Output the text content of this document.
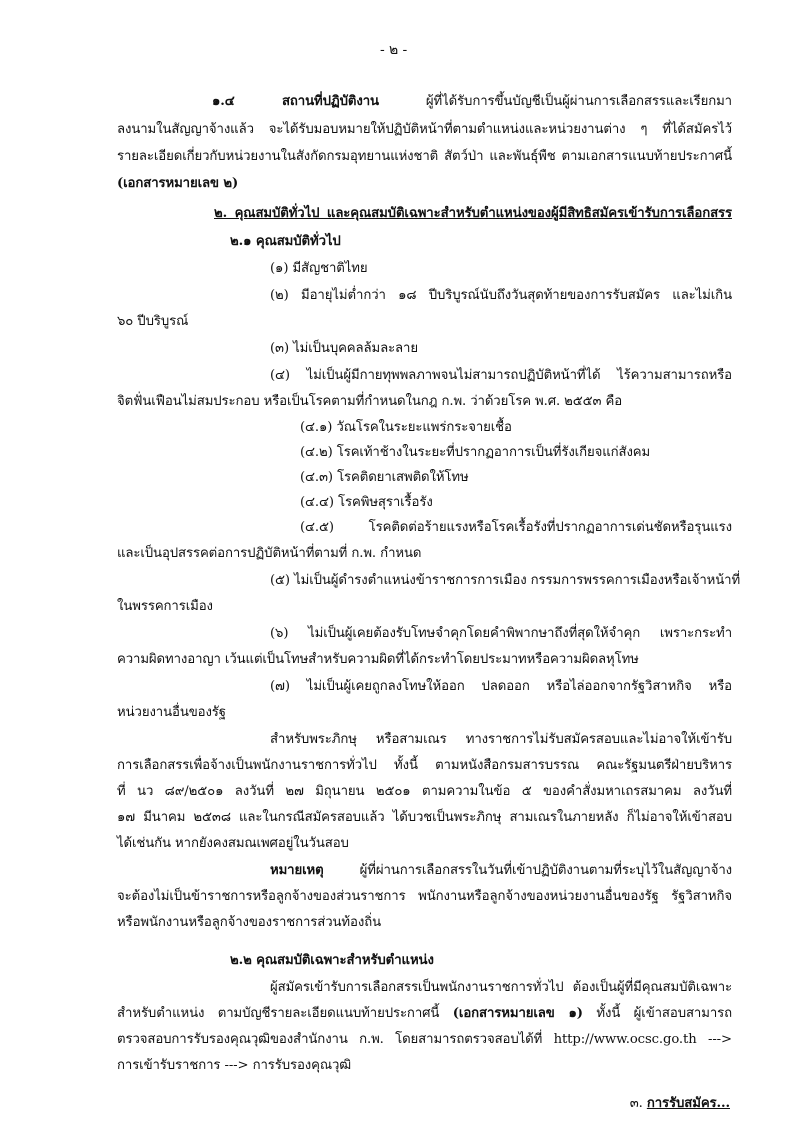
- ๒ -
๑.๔ สถานที่ปฏิบัติงาน	ผู้ที่ได้รับการขึ้นบัญชีเป็นผู้ผ่านการเลือกสรรและเรียกมา
ลงนามในสัญญาจ้างแล้ว จะได้รับมอบหมายให้ปฏิบัติหน้าที่ตามตำแหน่งและหน่วยงานต่าง ๆ ที่ได้สมัครไว้
รายละเอียดเกี่ยวกับหน่วยงานในสังกัดกรมอุทยานแห่งชาติ สัตว์ป่า และพันธุ์พืช ตามเอกสารแนบท้ายประกาศนี้
(เอกสารหมายเลข ๒)
๒. คุณสมบัติทั่วไป และคุณสมบัติเฉพาะสำหรับตำแหน่งของผู้มีสิทธิสมัครเข้ารับการเลือกสรร
๒.๑ คุณสมบัติทั่วไป
(๑) มีสัญชาติไทย
(๒) มีอายุไม่ต่ำกว่า ๑๘ ปีบริบูรณ์นับถึงวันสุดท้ายของการรับสมัคร และไม่เกิน
๖๐ ปีบริบูรณ์
(๓) ไม่เป็นบุคคลล้มละลาย
(๔) ไม่เป็นผู้มีกายทุพพลภาพจนไม่สามารถปฏิบัติหน้าที่ได้ ไร้ความสามารถหรือ
จิตฟั่นเฟือนไม่สมประกอบ หรือเป็นโรคตามที่กำหนดในกฎ ก.พ. ว่าด้วยโรค พ.ศ. ๒๕๕๓ คือ
(๔.๑) วัณโรคในระยะแพร่กระจายเชื้อ
(๔.๒) โรคเท้าช้างในระยะที่ปรากฏอาการเป็นที่รังเกียจแก่สังคม
(๔.๓) โรคติดยาเสพติดให้โทษ
(๔.๔) โรคพิษสุราเรื้อรัง
(๔.๕) โรคติดต่อร้ายแรงหรือโรคเรื้อรังที่ปรากฏอาการเด่นชัดหรือรุนแรง
และเป็นอุปสรรคต่อการปฏิบัติหน้าที่ตามที่ ก.พ. กำหนด
(๕) ไม่เป็นผู้ดำรงตำแหน่งข้าราชการการเมือง กรรมการพรรคการเมืองหรือเจ้าหน้าที่
ในพรรคการเมือง
(๖) ไม่เป็นผู้เคยต้องรับโทษจำคุกโดยคำพิพากษาถึงที่สุดให้จำคุก เพราะกระทำ
ความผิดทางอาญา เว้นแต่เป็นโทษสำหรับความผิดที่ได้กระทำโดยประมาทหรือความผิดลหุโทษ
(๗) ไม่เป็นผู้เคยถูกลงโทษให้ออก ปลดออก หรือไล่ออกจากรัฐวิสาหกิจ หรือ
หน่วยงานอื่นของรัฐ
สำหรับพระภิกษุ หรือสามเณร ทางราชการไม่รับสมัครสอบและไม่อาจให้เข้ารับ
การเลือกสรรเพื่อจ้างเป็นพนักงานราชการทั่วไป ทั้งนี้ ตามหนังสือกรมสารบรรณ คณะรัฐมนตรีฝ่ายบริหาร
ที่ นว ๘๙/๒๕๐๑ ลงวันที่ ๒๗ มิถุนายน ๒๕๐๑ ตามความในข้อ ๕ ของคำสั่งมหาเถรสมาคม ลงวันที่
๑๗ มีนาคม ๒๕๓๘ และในกรณีสมัครสอบแล้ว ได้บวชเป็นพระภิกษุ สามเณรในภายหลัง ก็ไม่อาจให้เข้าสอบ
ได้เช่นกัน หากยังคงสมณเพศอยู่ในวันสอบ
หมายเหตุ	ผู้ที่ผ่านการเลือกสรรในวันที่เข้าปฏิบัติงานตามที่ระบุไว้ในสัญญาจ้าง
จะต้องไม่เป็นข้าราชการหรือลูกจ้างของส่วนราชการ พนักงานหรือลูกจ้างของหน่วยงานอื่นของรัฐ รัฐวิสาหกิจ
หรือพนักงานหรือลูกจ้างของราชการส่วนท้องถิ่น
๒.๒ คุณสมบัติเฉพาะสำหรับตำแหน่ง
ผู้สมัครเข้ารับการเลือกสรรเป็นพนักงานราชการทั่วไป ต้องเป็นผู้ที่มีคุณสมบัติเฉพาะ
สำหรับตำแหน่ง ตามบัญชีรายละเอียดแนบท้ายประกาศนี้ (เอกสารหมายเลข ๑) ทั้งนี้ ผู้เข้าสอบสามารถ
ตรวจสอบการรับรองคุณวุฒิของสำนักงาน ก.พ. โดยสามารถตรวจสอบได้ที่ http://www.ocsc.go.th --->
การเข้ารับราชการ ---> การรับรองคุณวุฒิ
๓. การรับสมัคร...
